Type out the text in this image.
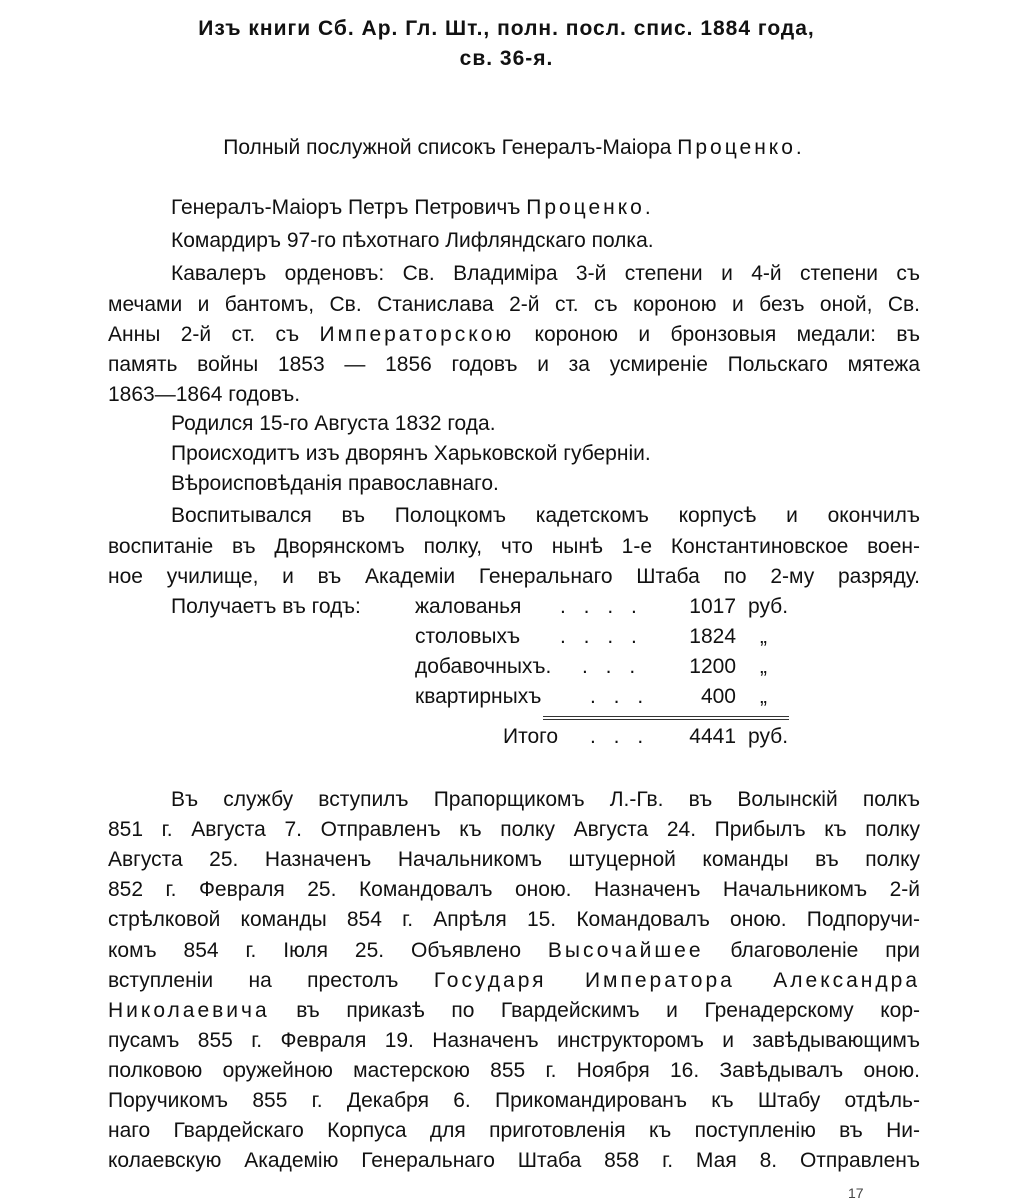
Изъ книги Сб. Ар. Гл. Шт., полн. посл. спис. 1884 года,
св. 36-я.
Полный послужной списокъ Генералъ-Маіора Проценко.
Генералъ-Маіоръ Петръ Петровичъ Проценко.
Комардиръ 97-го пѣхотнаго Лифляндскаго полка.
Кавалеръ орденовъ: Св. Владиміра 3-й степени и 4-й степени съ
мечами и бантомъ, Св. Станислава 2-й ст. съ короною и безъ оной, Св.
Анны 2-й ст. съ Императорскою короною и бронзовыя медали: въ
память войны 1853 — 1856 годовъ и за усмиреніе Польскаго мятежа
1863—1864 годовъ.
Родился 15-го Августа 1832 года.
Происходитъ изъ дворянъ Харьковской губерніи.
Вѣроисповѣданія православнаго.
Воспитывался въ Полоцкомъ кадетскомъ корпусѣ и окончилъ
воспитаніе въ Дворянскомъ полку, что нынѣ 1-е Константиновское воен-
ное училище, и въ Академіи Генеральнаго Штаба по 2-му разряду.
Получаетъ въ годъ:	жалованья . . . .	1017 руб.
столовыхъ . . . .	1824 „
добавочныхъ. . . .	1200 „
квартирныхъ . . .	400 „
Итого . . .	4441 руб.
Въ службу вступилъ Прапорщикомъ Л.-Гв. въ Волынскій полкъ
851 г. Августа 7. Отправленъ къ полку Августа 24. Прибылъ къ полку
Августа 25. Назначенъ Начальникомъ штуцерной команды въ полку
852 г. Февраля 25. Командовалъ оною. Назначенъ Начальникомъ 2-й
стрѣлковой команды 854 г. Апрѣля 15. Командовалъ оною. Подпоручи-
комъ 854 г. Іюля 25. Объявлено Высочайшее благоволеніе при
вступленіи на престолъ Государя Императора Александра
Николаевича въ приказѣ по Гвардейскимъ и Гренадерскому кор-
пусамъ 855 г. Февраля 19. Назначенъ инструкторомъ и завѣдывающимъ
полковою оружейною мастерскою 855 г. Ноября 16. Завѣдывалъ оною.
Поручикомъ 855 г. Декабря 6. Прикомандированъ къ Штабу отдѣль-
наго Гвардейскаго Корпуса для приготовленія къ поступленію въ Ни-
колаевскую Академію Генеральнаго Штаба 858 г. Мая 8. Отправленъ
17
